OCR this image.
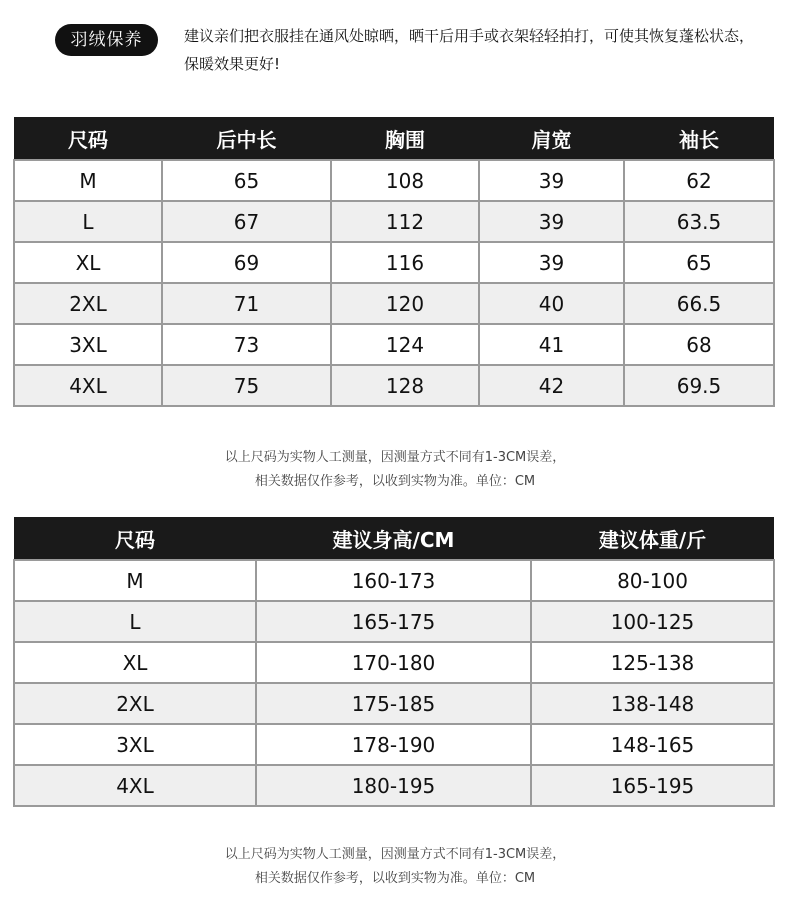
羽绒保养	建议亲们把衣服挂在通风处晾晒，晒干后用手或衣架轻轻拍打，可使其恢复蓬松状态，保暖效果更好!
尺码	后中长	胸围	肩宽	袖长
M	65	108	39	62
L	67	112	39	63.5
XL	69	116	39	65
2XL	71	120	40	66.5
3XL	73	124	41	68
4XL	75	128	42	69.5
以上尺码为实物人工测量，因测量方式不同有1-3CM误差，
相关数据仅作参考，以收到实物为准。单位：CM
尺码	建议身高/CM	建议体重/斤
M	160-173	80-100
L	165-175	100-125
XL	170-180	125-138
2XL	175-185	138-148
3XL	178-190	148-165
4XL	180-195	165-195
以上尺码为实物人工测量，因测量方式不同有1-3CM误差，
相关数据仅作参考，以收到实物为准。单位：CM
